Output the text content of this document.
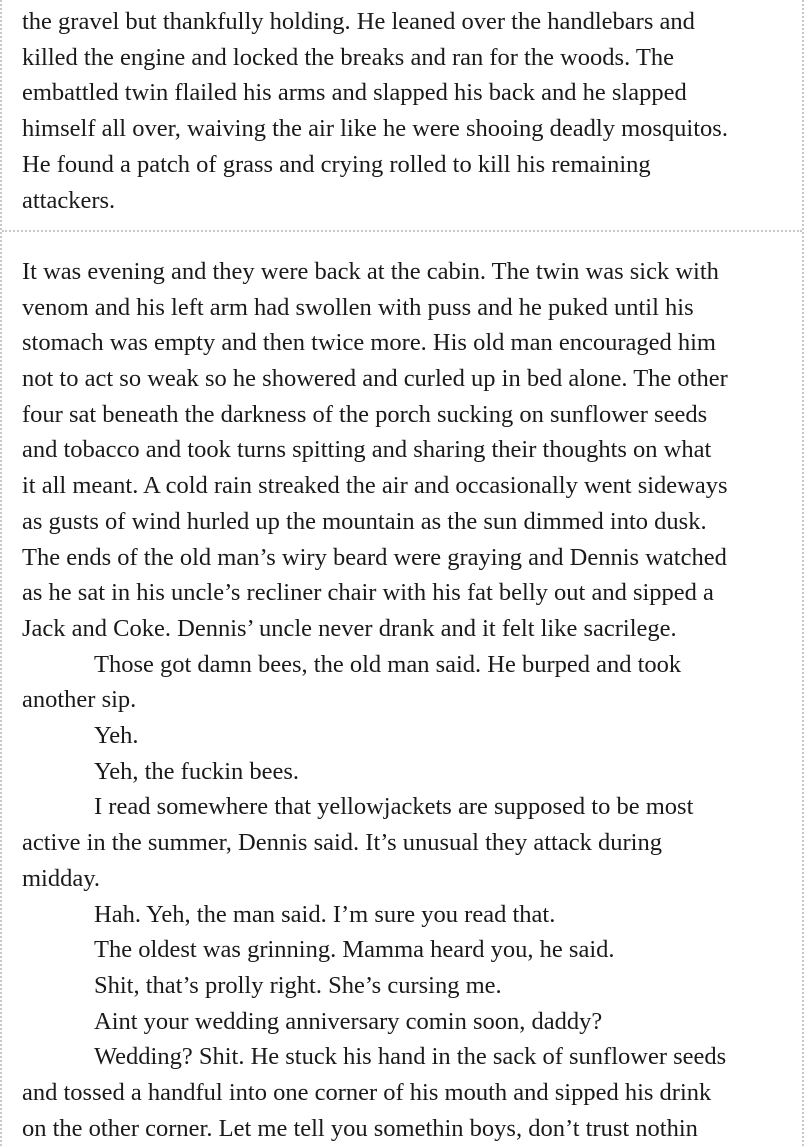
the gravel but thankfully holding. He leaned over the handlebars and

killed the engine and locked the breaks and ran for the woods. The

embattled twin flailed his arms and slapped his back and he slapped

himself all over, waiving the air like he were shooing deadly mosquitos.

He found a patch of grass and crying rolled to kill his remaining

attackers.

It was evening and they were back at the cabin. The twin was sick with

venom and his left arm had swollen with puss and he puked until his

stomach was empty and then twice more. His old man encouraged him

not to act so weak so he showered and curled up in bed alone. The other

four sat beneath the darkness of the porch sucking on sunflower seeds

and tobacco and took turns spitting and sharing their thoughts on what

it all meant. A cold rain streaked the air and occasionally went sideways

as gusts of wind hurled up the mountain as the sun dimmed into dusk.

The ends of the old man’s wiry beard were graying and Dennis watched

as he sat in his uncle’s recliner chair with his fat belly out and sipped a

Jack and Coke. Dennis’ uncle never drank and it felt like sacrilege.

Those got damn bees, the old man said. He burped and took

another sip.

Yeh.

Yeh, the fuckin bees.

I read somewhere that yellowjackets are supposed to be most

active in the summer, Dennis said. It’s unusual they attack during

midday.

Hah. Yeh, the man said. I’m sure you read that.

The oldest was grinning. Mamma heard you, he said.

Shit, that’s prolly right. She’s cursing me.

Aint your wedding anniversary comin soon, daddy?

Wedding? Shit. He stuck his hand in the sack of sunflower seeds

and tossed a handful into one corner of his mouth and sipped his drink

on the other corner. Let me tell you somethin boys, don’t trust nothin
